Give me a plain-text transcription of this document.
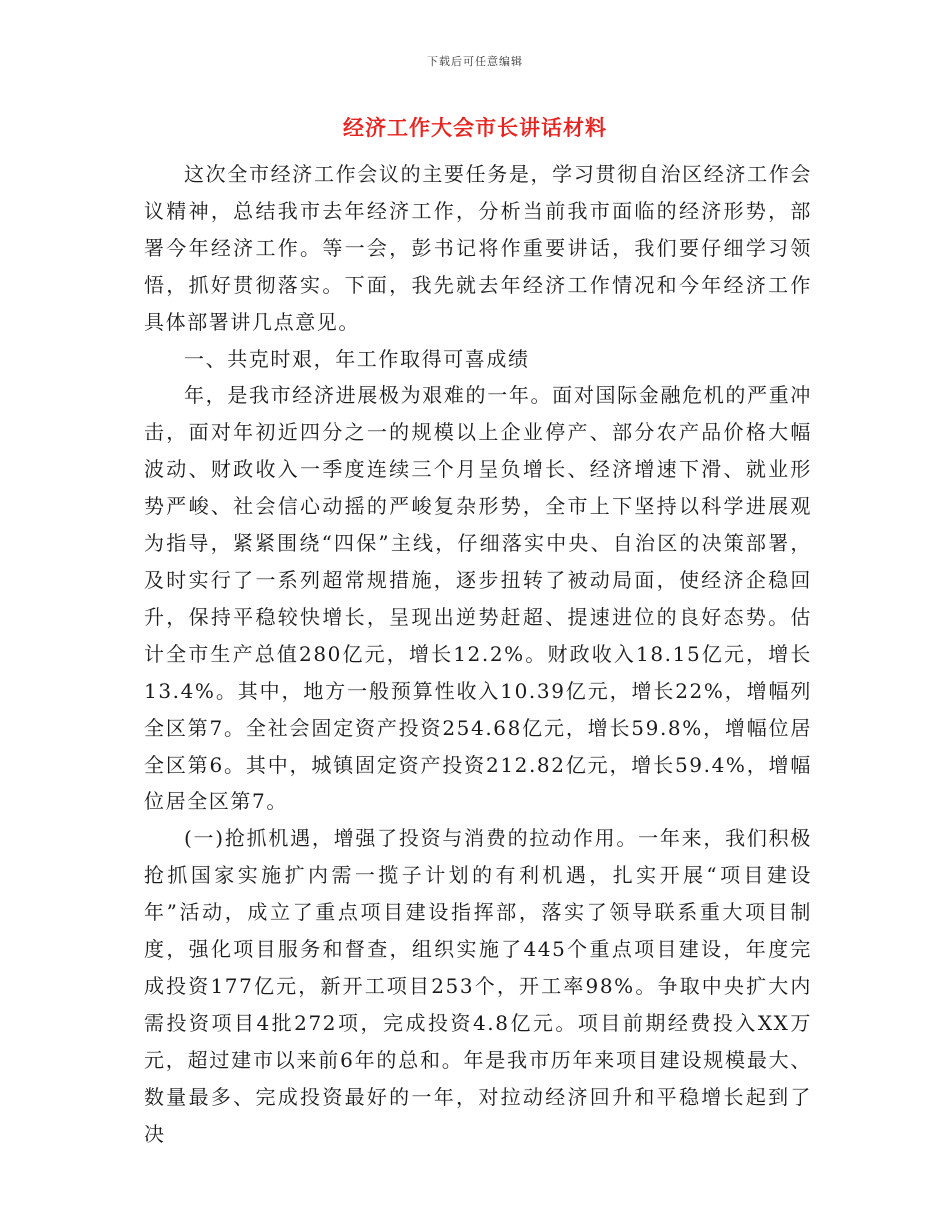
下载后可任意编辑
经济工作大会市长讲话材料

这次全市经济工作会议的主要任务是，学习贯彻自治区经济工作会议精神，总结我市去年经济工作，分析当前我市面临的经济形势，部署今年经济工作。等一会，彭书记将作重要讲话，我们要仔细学习领悟，抓好贯彻落实。下面，我先就去年经济工作情况和今年经济工作具体部署讲几点意见。

一、共克时艰，年工作取得可喜成绩

年，是我市经济进展极为艰难的一年。面对国际金融危机的严重冲击，面对年初近四分之一的规模以上企业停产、部分农产品价格大幅波动、财政收入一季度连续三个月呈负增长、经济增速下滑、就业形势严峻、社会信心动摇的严峻复杂形势，全市上下坚持以科学进展观为指导，紧紧围绕“四保”主线，仔细落实中央、自治区的决策部署，及时实行了一系列超常规措施，逐步扭转了被动局面，使经济企稳回升，保持平稳较快增长，呈现出逆势赶超、提速进位的良好态势。估计全市生产总值280亿元，增长12.2%。财政收入18.15亿元，增长13.4%。其中，地方一般预算性收入10.39亿元，增长22%，增幅列全区第7。全社会固定资产投资254.68亿元，增长59.8%，增幅位居全区第6。其中，城镇固定资产投资212.82亿元，增长59.4%，增幅位居全区第7。

(一)抢抓机遇，增强了投资与消费的拉动作用。一年来，我们积极抢抓国家实施扩内需一揽子计划的有利机遇，扎实开展“项目建设年”活动，成立了重点项目建设指挥部，落实了领导联系重大项目制度，强化项目服务和督查，组织实施了445个重点项目建设，年度完成投资177亿元，新开工项目253个，开工率98%。争取中央扩大内需投资项目4批272项，完成投资4.8亿元。项目前期经费投入XX万元，超过建市以来前6年的总和。年是我市历年来项目建设规模最大、数量最多、完成投资最好的一年，对拉动经济回升和平稳增长起到了决
